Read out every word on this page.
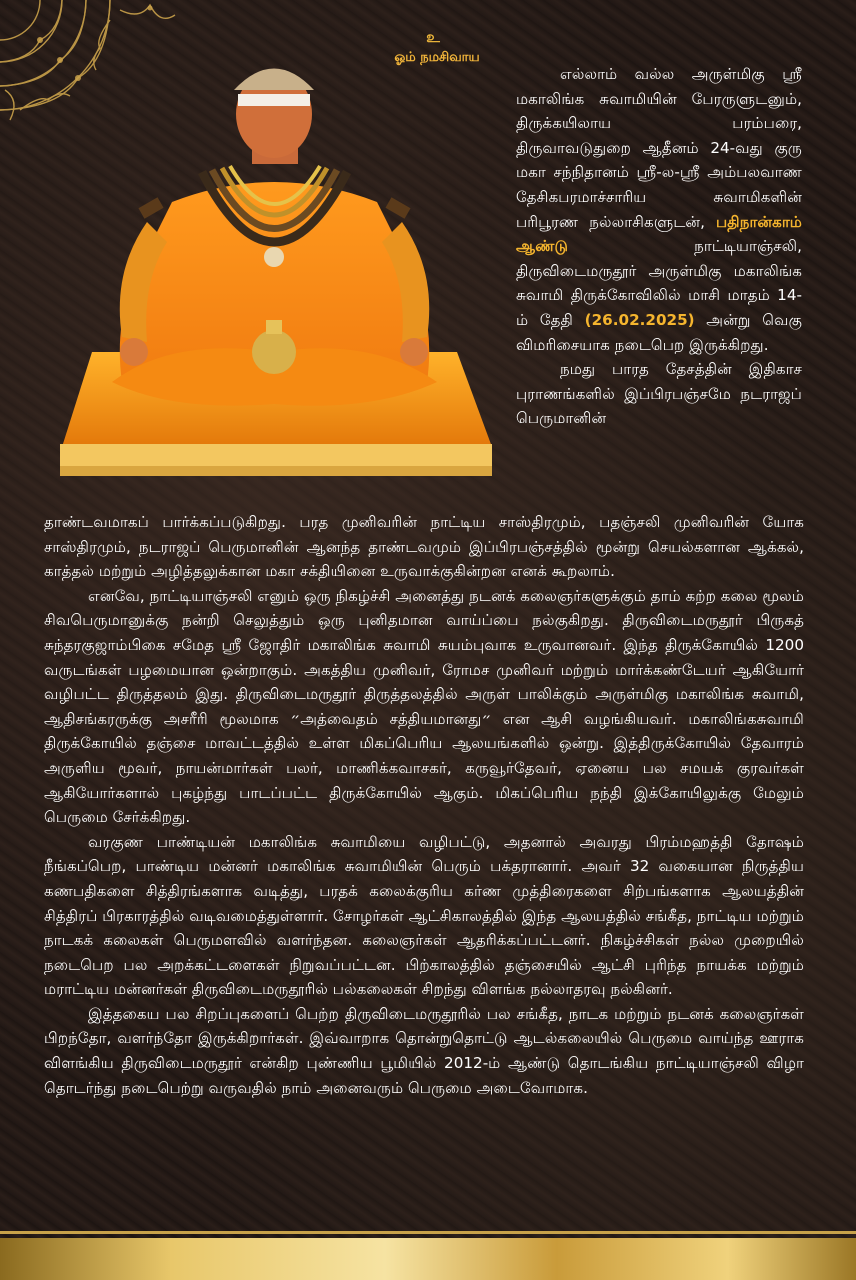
உ
ஓம் நமசிவாய

எல்லாம் வல்ல அருள்மிகு ஸ்ரீ மகாலிங்க சுவாமியின் பேரருளுடனும், திருக்கயிலாய பரம்பரை, திருவாவடுதுறை ஆதீனம் 24-வது குரு மகா சந்நிதானம் ஸ்ரீ-ல-ஸ்ரீ அம்பலவாண தேசிகபரமாச்சாரிய சுவாமிகளின் பரிபூரண நல்லாசிகளுடன், பதிநான்காம் ஆண்டு நாட்டியாஞ்சலி, திருவிடைமருதூர் அருள்மிகு மகாலிங்க சுவாமி திருக்கோவிலில் மாசி மாதம் 14-ம் தேதி (26.02.2025) அன்று வெகு விமரிசையாக நடைபெற இருக்கிறது.

நமது பாரத தேசத்தின் இதிகாச புராணங்களில் இப்பிரபஞ்சமே நடராஜப் பெருமானின்

தாண்டவமாகப் பார்க்கப்படுகிறது. பரத முனிவரின் நாட்டிய சாஸ்திரமும், பதஞ்சலி முனிவரின் யோக சாஸ்திரமும், நடராஜப் பெருமானின் ஆனந்த தாண்டவமும் இப்பிரபஞ்சத்தில் மூன்று செயல்களான ஆக்கல், காத்தல் மற்றும் அழித்தலுக்கான மகா சக்தியினை உருவாக்குகின்றன எனக் கூறலாம்.

எனவே, நாட்டியாஞ்சலி எனும் ஒரு நிகழ்ச்சி அனைத்து நடனக் கலைஞர்களுக்கும் தாம் கற்ற கலை மூலம் சிவபெருமானுக்கு நன்றி செலுத்தும் ஒரு புனிதமான வாய்ப்பை நல்குகிறது. திருவிடைமருதூர் பிருகத் சுந்தரகுஜாம்பிகை சமேத ஸ்ரீ ஜோதிர் மகாலிங்க சுவாமி சுயம்புவாக உருவானவர். இந்த திருக்கோயில் 1200 வருடங்கள் பழமையான ஒன்றாகும். அகத்திய முனிவர், ரோமச முனிவர் மற்றும் மார்க்கண்டேயர் ஆகியோர் வழிபட்ட திருத்தலம் இது. திருவிடைமருதூர் திருத்தலத்தில் அருள் பாலிக்கும் அருள்மிகு மகாலிங்க சுவாமி, ஆதிசங்கரருக்கு அசரீரி மூலமாக ״அத்வைதம் சத்தியமானது״ என ஆசி வழங்கியவர். மகாலிங்கசுவாமி திருக்கோயில் தஞ்சை மாவட்டத்தில் உள்ள மிகப்பெரிய ஆலயங்களில் ஒன்று. இத்திருக்கோயில் தேவாரம் அருளிய மூவர், நாயன்மார்கள் பலர், மாணிக்கவாசகர், கருவூர்தேவர், ஏனைய பல சமயக் குரவர்கள் ஆகியோர்களால் புகழ்ந்து பாடப்பட்ட திருக்கோயில் ஆகும். மிகப்பெரிய நந்தி இக்கோயிலுக்கு மேலும் பெருமை சேர்க்கிறது.

வரகுண பாண்டியன் மகாலிங்க சுவாமியை வழிபட்டு, அதனால் அவரது பிரம்மஹத்தி தோஷம் நீங்கப்பெற, பாண்டிய மன்னர் மகாலிங்க சுவாமியின் பெரும் பக்தரானார். அவர் 32 வகையான நிருத்திய கணபதிகளை சித்திரங்களாக வடித்து, பரதக் கலைக்குரிய கர்ண முத்திரைகளை சிற்பங்களாக ஆலயத்தின் சித்திரப் பிரகாரத்தில் வடிவமைத்துள்ளார். சோழர்கள் ஆட்சிகாலத்தில் இந்த ஆலயத்தில் சங்கீத, நாட்டிய மற்றும் நாடகக் கலைகள் பெருமளவில் வளர்ந்தன. கலைஞர்கள் ஆதரிக்கப்பட்டனர். நிகழ்ச்சிகள் நல்ல முறையில் நடைபெற பல அறக்கட்டளைகள் நிறுவப்பட்டன. பிற்காலத்தில் தஞ்சையில் ஆட்சி புரிந்த நாயக்க மற்றும் மராட்டிய மன்னர்கள் திருவிடைமருதூரில் பல்கலைகள் சிறந்து விளங்க நல்லாதரவு நல்கினர்.

இத்தகைய பல சிறப்புகளைப் பெற்ற திருவிடைமருதூரில் பல சங்கீத, நாடக மற்றும் நடனக் கலைஞர்கள் பிறந்தோ, வளர்ந்தோ இருக்கிறார்கள். இவ்வாறாக தொன்றுதொட்டு ஆடல்கலையில் பெருமை வாய்ந்த ஊராக விளங்கிய திருவிடைமருதூர் என்கிற புண்ணிய பூமியில் 2012-ம் ஆண்டு தொடங்கிய நாட்டியாஞ்சலி விழா தொடர்ந்து நடைபெற்று வருவதில் நாம் அனைவரும் பெருமை அடைவோமாக.
